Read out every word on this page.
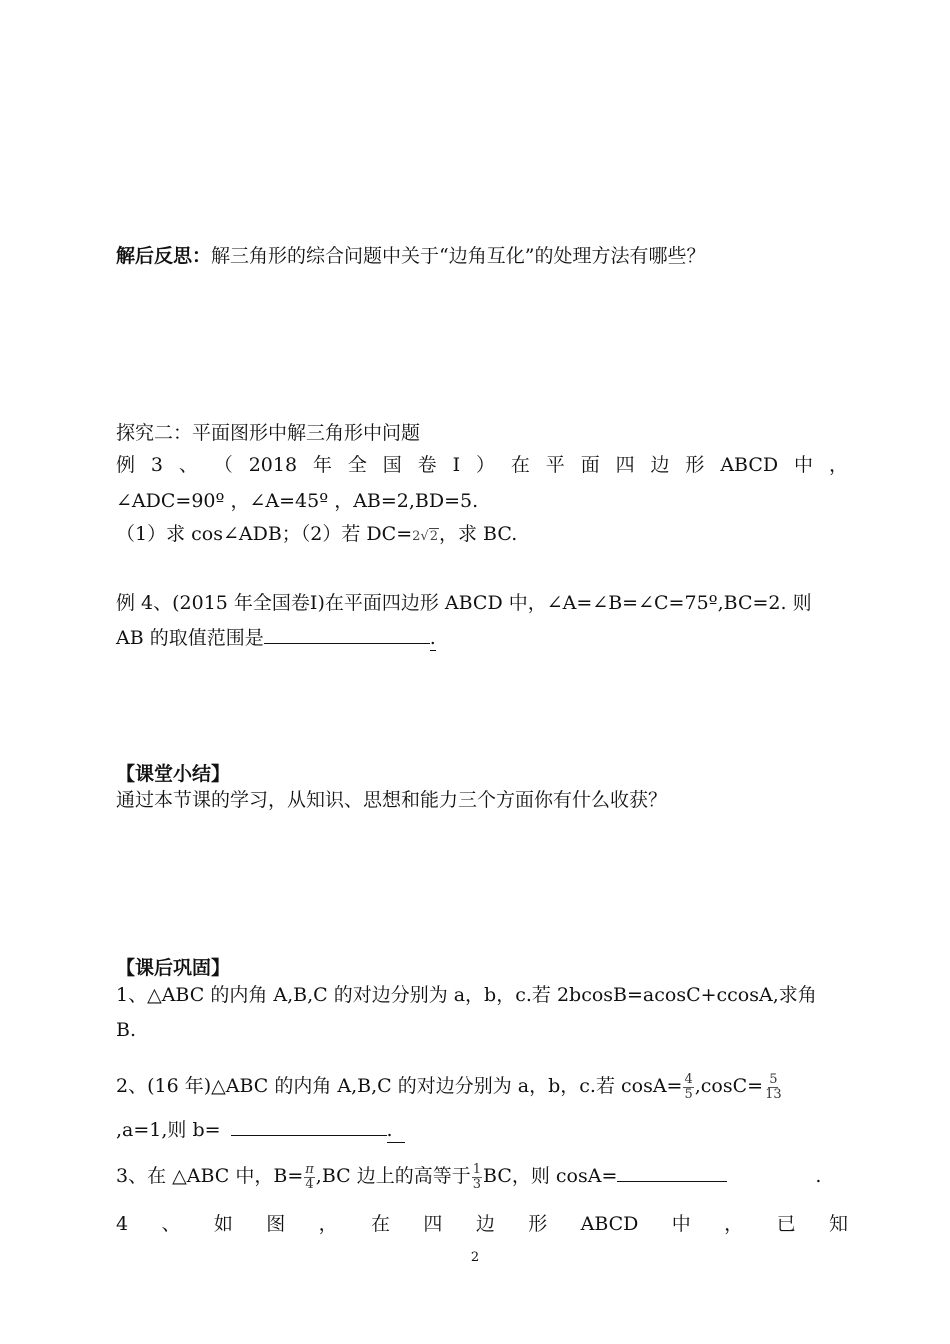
解后反思：解三角形的综合问题中关于“边角互化”的处理方法有哪些？
探究二：平面图形中解三角形中问题
例 3 、 （ 2018 年 全 国 卷 Ⅰ ） 在 平 面 四 边 形 ABCD 中 ，
∠ADC=90º ，∠A=45º ，AB=2,BD=5.
（1）求 cos∠ADB；（2）若 DC=2√2，求 BC.
例 4、(2015 年全国卷Ⅰ)在平面四边形 ABCD 中，∠A=∠B=∠C=75º,BC=2. 则
AB 的取值范围是	.
【课堂小结】
通过本节课的学习，从知识、思想和能力三个方面你有什么收获？
【课后巩固】
1、△ABC 的内角 A,B,C 的对边分别为 a，b，c.若 2bcosB=acosC+ccosA,求角
B.
2、(16 年)△ABC 的内角 A,B,C 的对边分别为 a，b，c.若 $\cos A= \frac{4}{5} ,\cos C= \frac{5}{13}$
,a=1,则 b=	.
3、在 △ABC 中，$B= \frac{\pi}{4} ,BC$ 边上的高等于 $\frac{1}{3}$ BC，则 cosA=	.
4 、 如 图 ， 在 四 边 形 ABCD 中 ， 已 知
2
